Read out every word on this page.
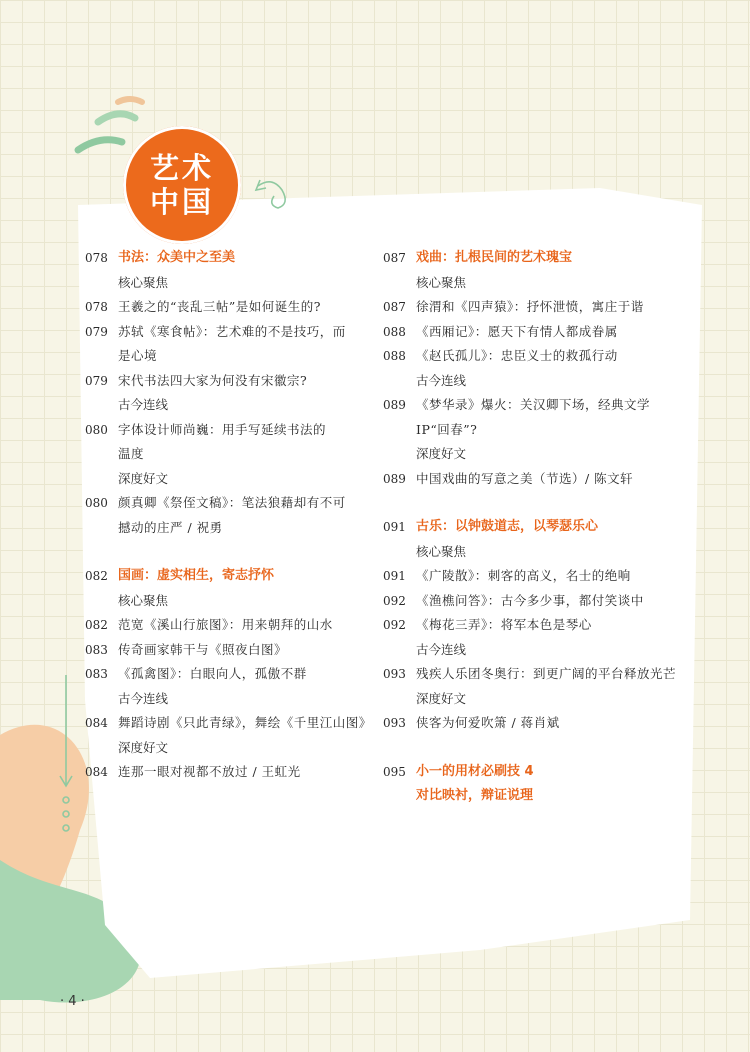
艺术
中国
078 书法：众美中之至美
核心聚焦
078 王羲之的“丧乱三帖”是如何诞生的?
079 苏轼《寒食帖》：艺术难的不是技巧，而
是心境
079 宋代书法四大家为何没有宋徽宗?
古今连线
080 字体设计师尚巍：用手写延续书法的
温度
深度好文
080 颜真卿《祭侄文稿》：笔法狼藉却有不可
撼动的庄严 / 祝勇
082 国画：虚实相生，寄志抒怀
核心聚焦
082 范宽《溪山行旅图》：用来朝拜的山水
083 传奇画家韩干与《照夜白图》
083 《孤禽图》：白眼向人，孤傲不群
古今连线
084 舞蹈诗剧《只此青绿》，舞绘《千里江山图》
深度好文
084 连那一眼对视都不放过 / 王虹光
087 戏曲：扎根民间的艺术瑰宝
核心聚焦
087 徐渭和《四声猿》：抒怀泄愤，寓庄于谐
088 《西厢记》：愿天下有情人都成眷属
088 《赵氏孤儿》：忠臣义士的救孤行动
古今连线
089 《梦华录》爆火：关汉卿下场，经典文学
IP“回春”?
深度好文
089 中国戏曲的写意之美（节选）/ 陈文轩
091 古乐：以钟鼓道志，以琴瑟乐心
核心聚焦
091 《广陵散》：刺客的高义，名士的绝响
092 《渔樵问答》：古今多少事，都付笑谈中
092 《梅花三弄》：将军本色是琴心
古今连线
093 残疾人乐团冬奥行：到更广阔的平台释放光芒
深度好文
093 侠客为何爱吹箫 / 蒋肖斌
095 小一的用材必刷技 4
对比映衬，辩证说理
· 4 ·
